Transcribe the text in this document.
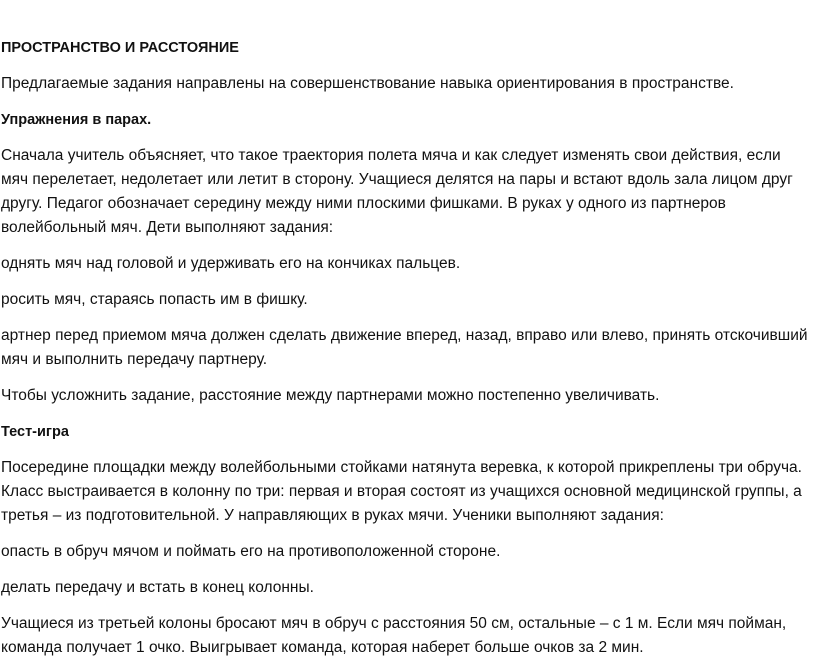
ПРОСТРАНСТВО И РАССТОЯНИЕ

Предлагаемые задания направлены на совершенствование навыка ориентирования в пространстве.

Упражнения в парах.

Сначала учитель объясняет, что такое траектория полета мяча и как следует изменять свои действия, если мяч перелетает, недолетает или летит в сторону. Учащиеся делятся на пары и встают вдоль зала лицом друг другу. Педагог обозначает середину между ними плоскими фишками. В руках у одного из партнеров волейбольный мяч. Дети выполняют задания:

однять мяч над головой и удерживать его на кончиках пальцев.

росить мяч, стараясь попасть им в фишку.

артнер перед приемом мяча должен сделать движение вперед, назад, вправо или влево, принять отскочивший мяч и выполнить передачу партнеру.

Чтобы усложнить задание, расстояние между партнерами можно постепенно увеличивать.

Тест-игра

Посередине площадки между волейбольными стойками натянута веревка, к которой прикреплены три обруча. Класс выстраивается в колонну по три: первая и вторая состоят из учащихся основной медицинской группы, а третья – из подготовительной. У направляющих в руках мячи. Ученики выполняют задания:

опасть в обруч мячом и поймать его на противоположенной стороне.

делать передачу и встать в конец колонны.

Учащиеся из третьей колоны бросают мяч в обруч с расстояния 50 см, остальные – с 1 м. Если мяч пойман, команда получает 1 очко. Выигрывает команда, которая наберет больше очков за 2 мин.
